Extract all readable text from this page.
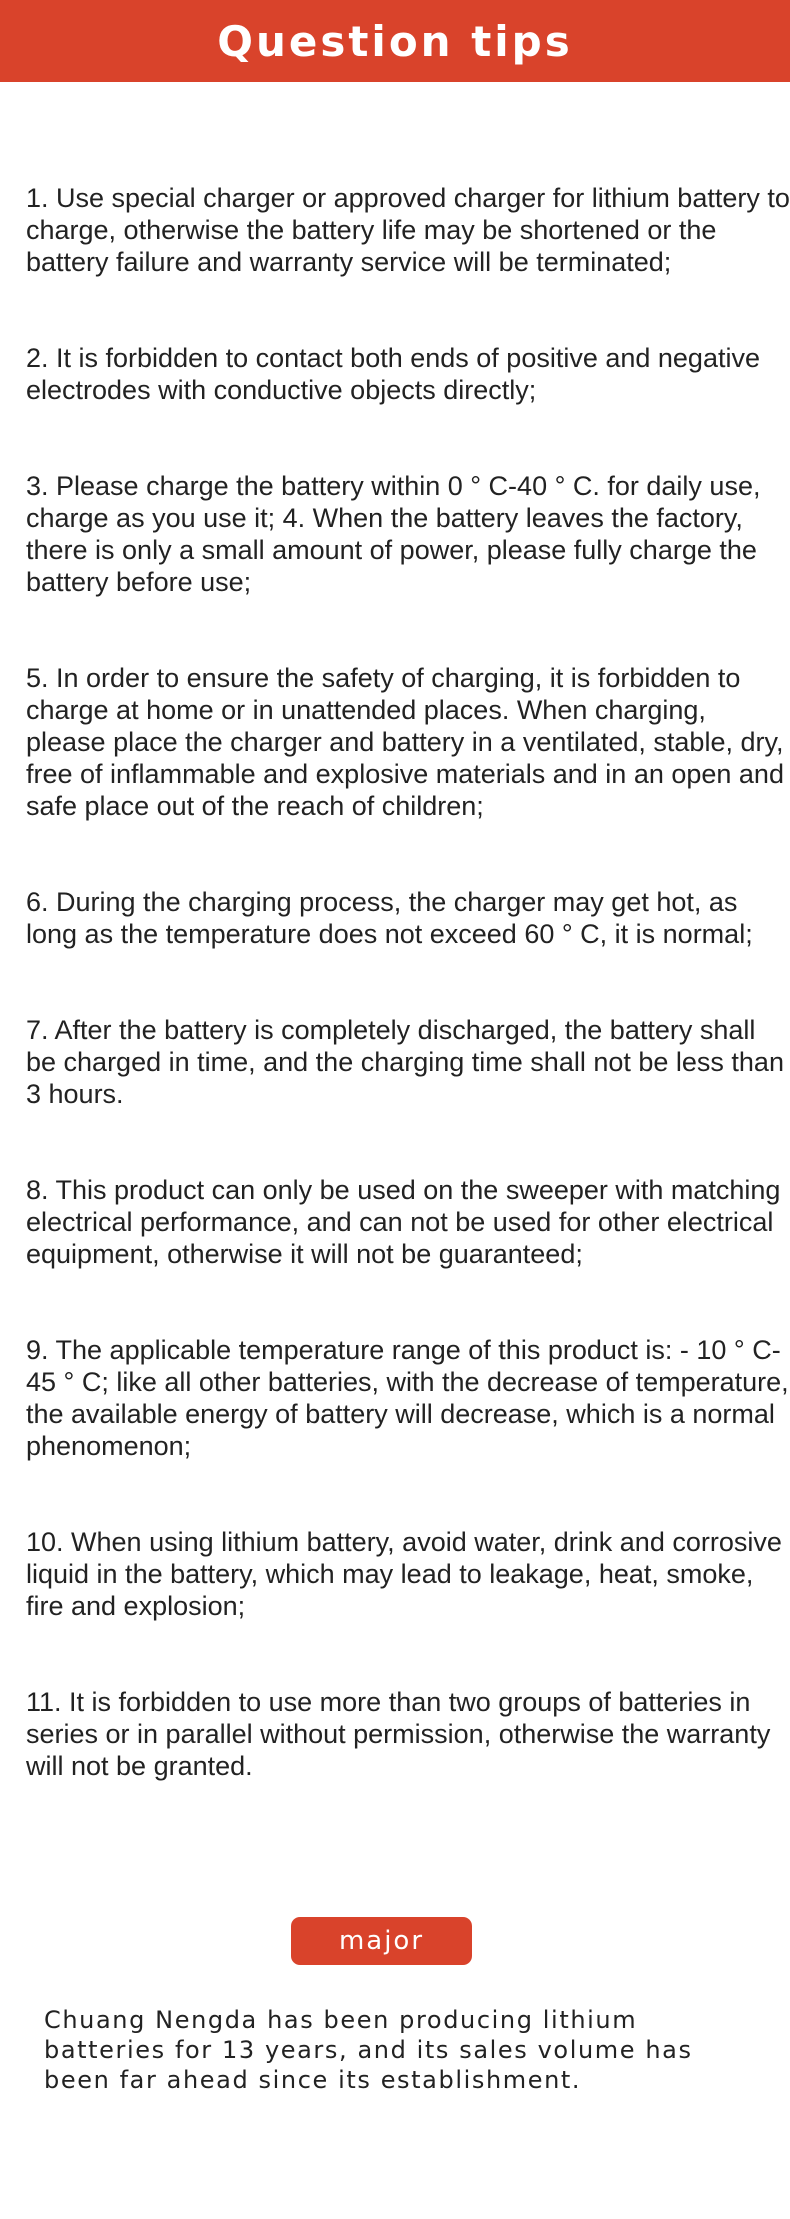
Question tips

1. Use special charger or approved charger for lithium battery to charge, otherwise the battery life may be shortened or the battery failure and warranty service will be terminated;

2. It is forbidden to contact both ends of positive and negative electrodes with conductive objects directly;

3. Please charge the battery within 0 ° C-40 ° C. for daily use, charge as you use it; 4. When the battery leaves the factory, there is only a small amount of power, please fully charge the battery before use;

5. In order to ensure the safety of charging, it is forbidden to charge at home or in unattended places. When charging, please place the charger and battery in a ventilated, stable, dry, free of inflammable and explosive materials and in an open and safe place out of the reach of children;

6. During the charging process, the charger may get hot, as long as the temperature does not exceed 60 ° C, it is normal;

7. After the battery is completely discharged, the battery shall be charged in time, and the charging time shall not be less than 3 hours.

8. This product can only be used on the sweeper with matching electrical performance, and can not be used for other electrical equipment, otherwise it will not be guaranteed;

9. The applicable temperature range of this product is: - 10 ° C-45 ° C; like all other batteries, with the decrease of temperature, the available energy of battery will decrease, which is a normal phenomenon;

10. When using lithium battery, avoid water, drink and corrosive liquid in the battery, which may lead to leakage, heat, smoke, fire and explosion;

11. It is forbidden to use more than two groups of batteries in series or in parallel without permission, otherwise the warranty will not be granted.

major

Chuang Nengda has been producing lithium batteries for 13 years, and its sales volume has been far ahead since its establishment.
